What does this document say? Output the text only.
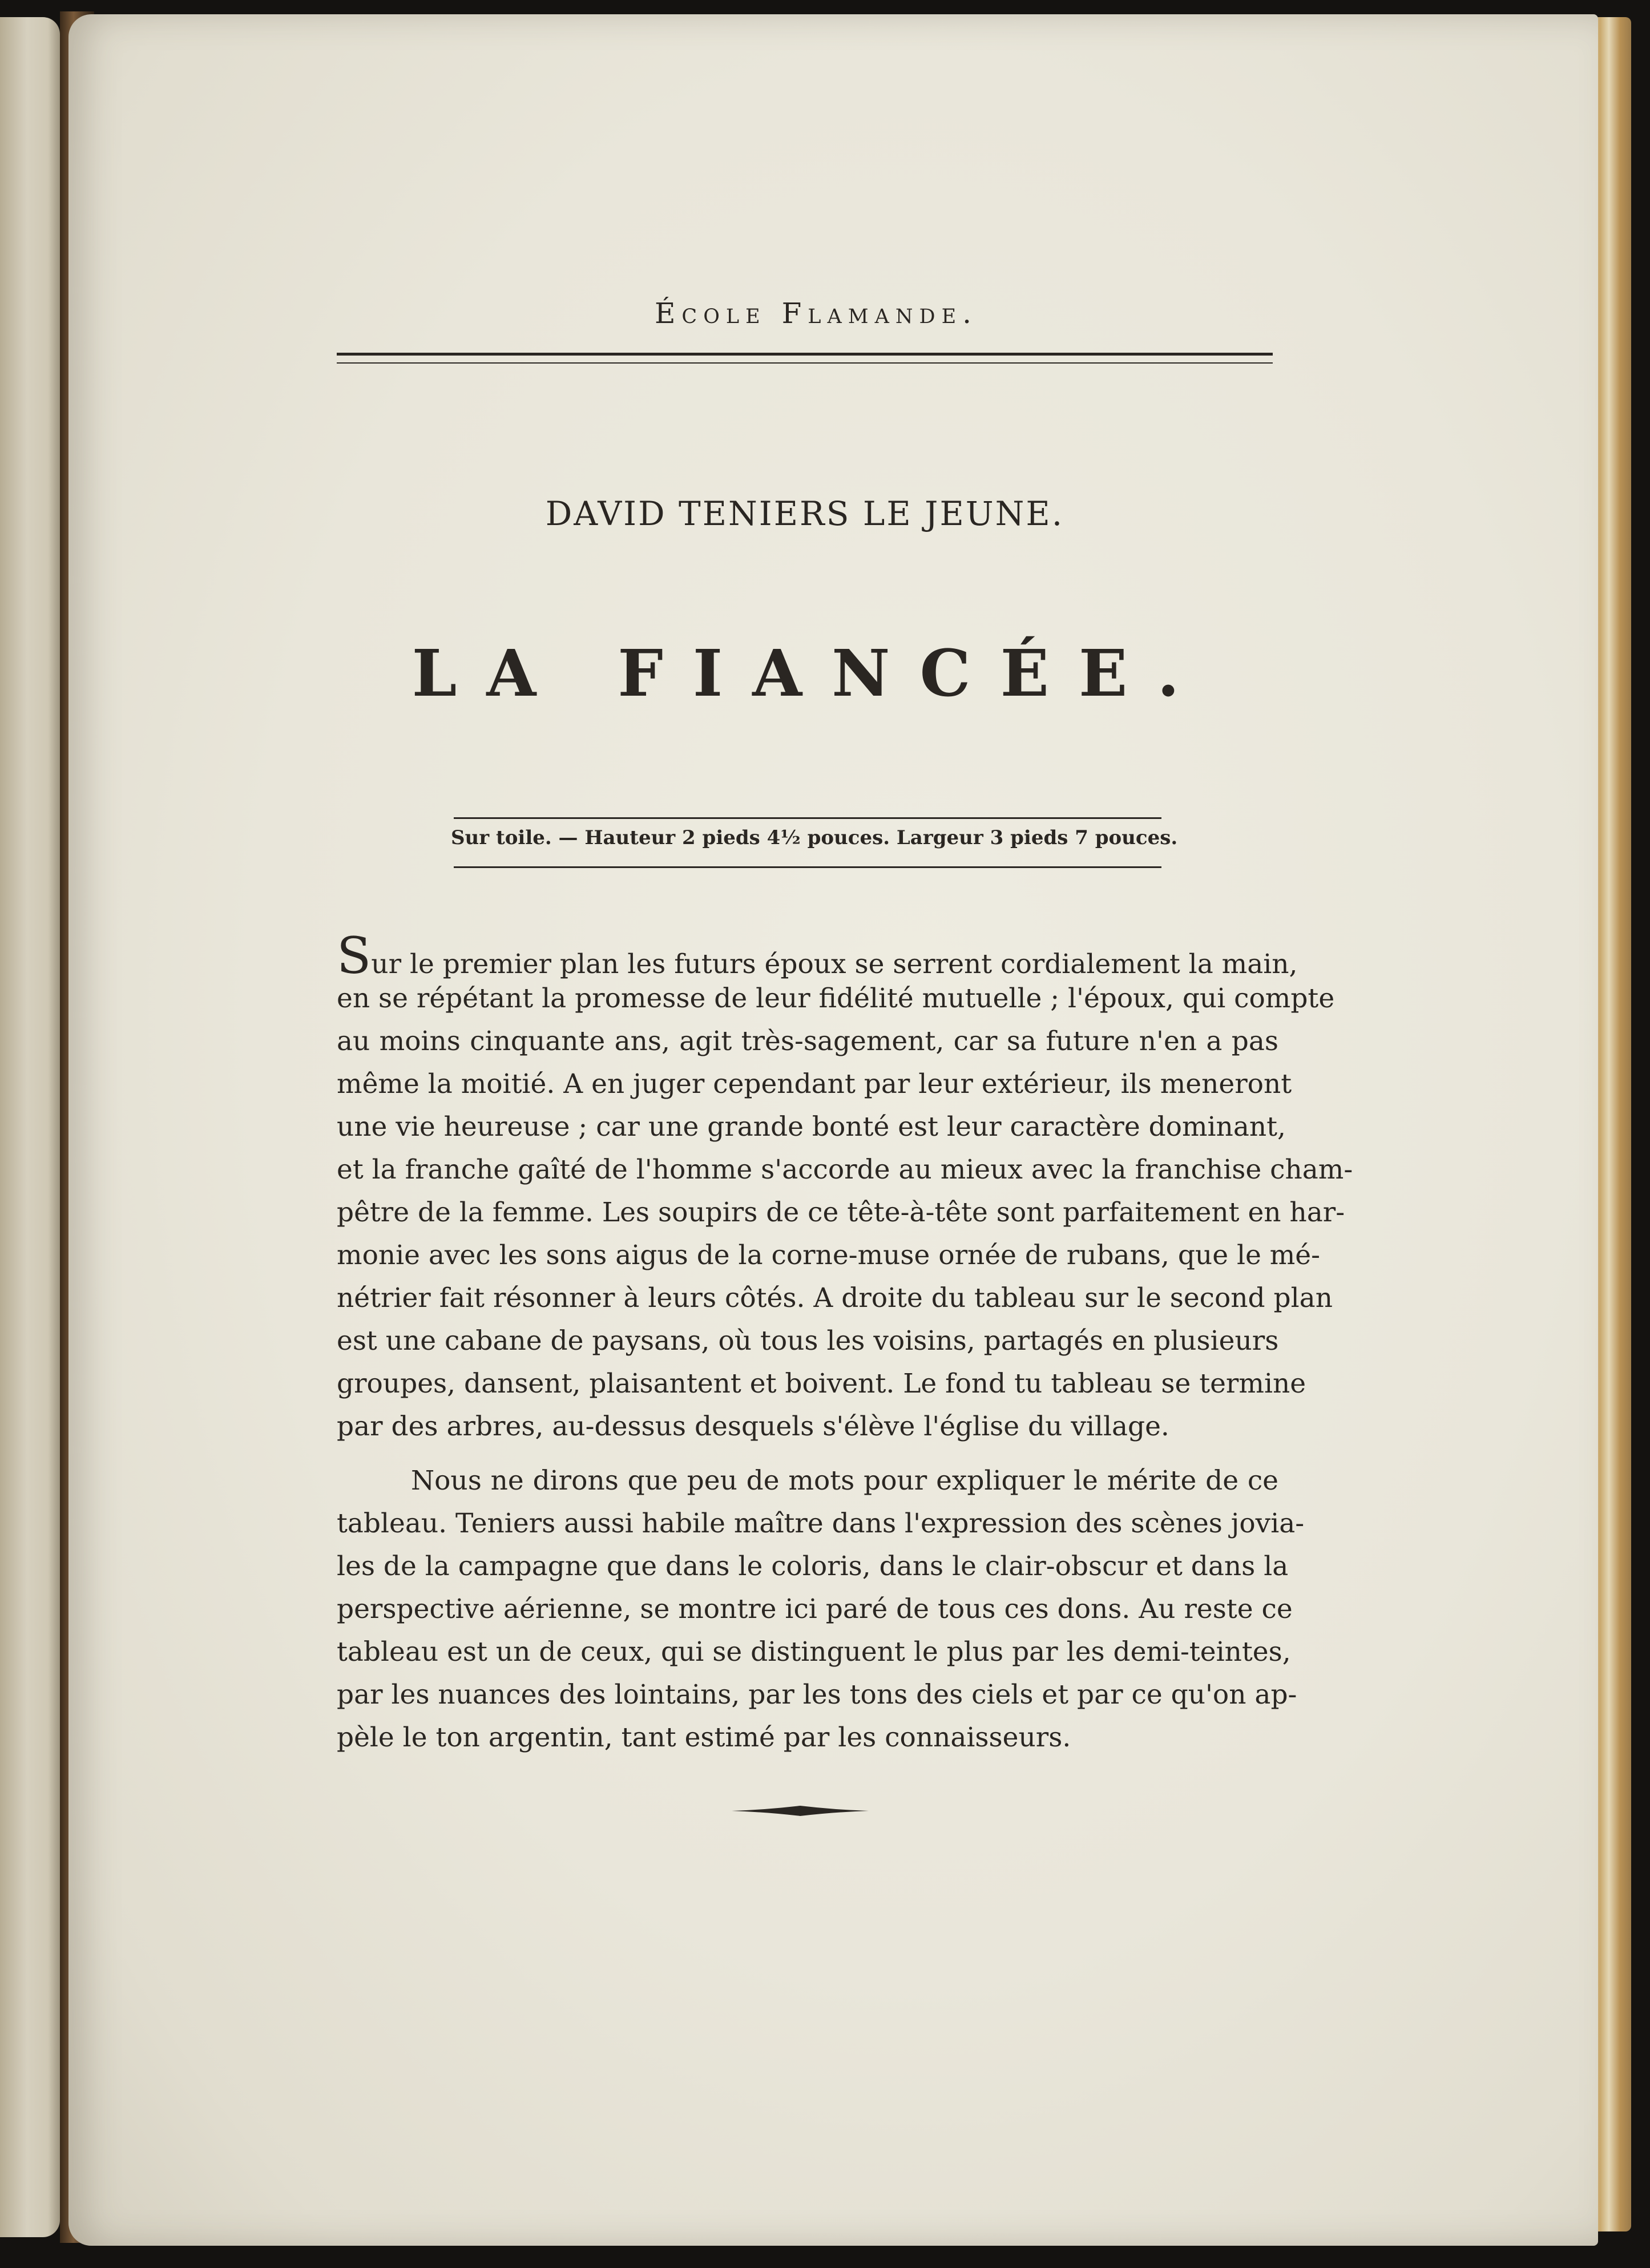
École Flamande.
DAVID TENIERS LE JEUNE.
LA FIANCÉE.
Sur toile. — Hauteur 2 pieds 4½ pouces. Largeur 3 pieds 7 pouces.
Sur le premier plan les futurs époux se serrent cordialement la main,
en se répétant la promesse de leur fidélité mutuelle ; l'époux, qui compte
au moins cinquante ans, agit très-sagement, car sa future n'en a pas
même la moitié. A en juger cependant par leur extérieur, ils meneront
une vie heureuse ; car une grande bonté est leur caractère dominant,
et la franche gaîté de l'homme s'accorde au mieux avec la franchise cham-
pêtre de la femme. Les soupirs de ce tête-à-tête sont parfaitement en har-
monie avec les sons aigus de la corne-muse ornée de rubans, que le mé-
nétrier fait résonner à leurs côtés. A droite du tableau sur le second plan
est une cabane de paysans, où tous les voisins, partagés en plusieurs
groupes, dansent, plaisantent et boivent. Le fond tu tableau se termine
par des arbres, au-dessus desquels s'élève l'église du village.
Nous ne dirons que peu de mots pour expliquer le mérite de ce
tableau. Teniers aussi habile maître dans l'expression des scènes jovia-
les de la campagne que dans le coloris, dans le clair-obscur et dans la
perspective aérienne, se montre ici paré de tous ces dons. Au reste ce
tableau est un de ceux, qui se distinguent le plus par les demi-teintes,
par les nuances des lointains, par les tons des ciels et par ce qu'on ap-
pèle le ton argentin, tant estimé par les connaisseurs.
